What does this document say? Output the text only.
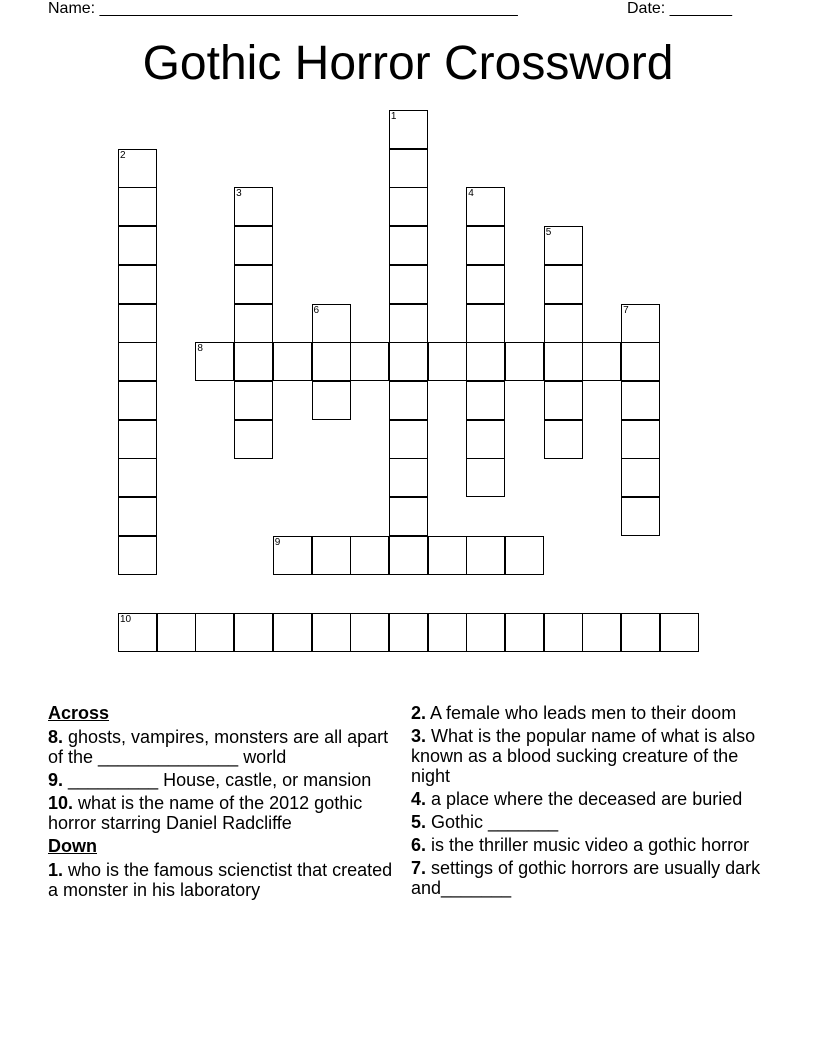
Name: _______________________________________________	Date: _______
Gothic Horror Crossword
1
2
3	4
5
6	7
8
9
10
Across
8. ghosts, vampires, monsters are all apart of the ______________ world
9. _________ House, castle, or mansion
10. what is the name of the 2012 gothic horror starring Daniel Radcliffe
Down
1. who is the famous scienctist that created a monster in his laboratory
2. A female who leads men to their doom
3. What is the popular name of what is also known as a blood sucking creature of the night
4. a place where the deceased are buried
5. Gothic _______
6. is the thriller music video a gothic horror
7. settings of gothic horrors are usually dark and_______
